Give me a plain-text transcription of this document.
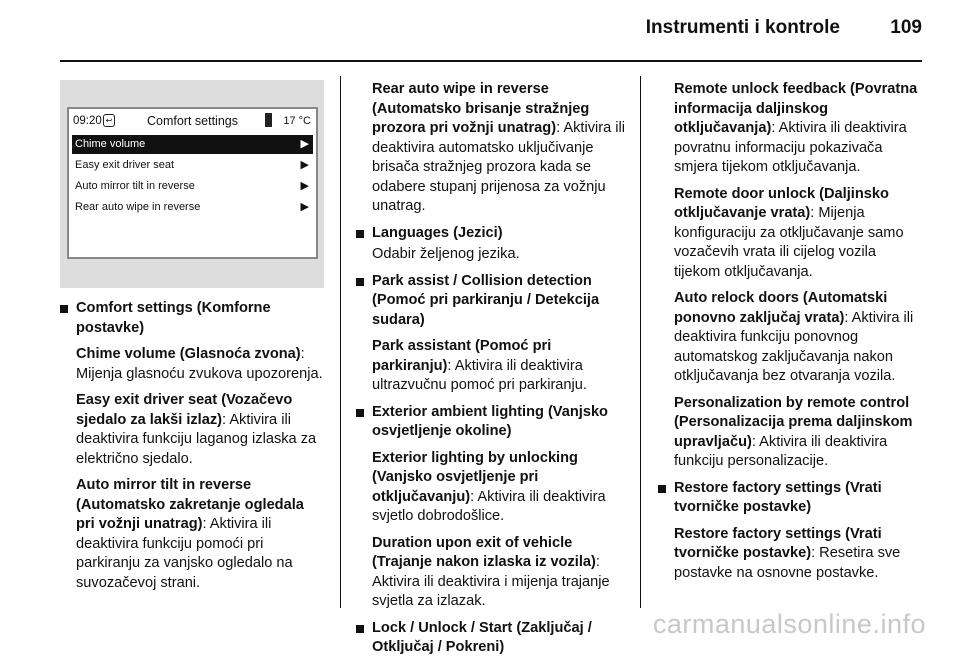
Instrumenti i kontrole	109
09:20 ↩	Comfort settings	17 °C
Chime volume	▶
Easy exit driver seat	▶
Auto mirror tilt in reverse	▶
Rear auto wipe in reverse	▶

Comfort settings (Komforne postavke)

Chime volume (Glasnoća zvona): Mijenja glasnoću zvukova upozorenja.

Easy exit driver seat (Vozačevo sjedalo za lakši izlaz): Aktivira ili deaktivira funkciju laganog izlaska za električno sjedalo.

Auto mirror tilt in reverse (Automatsko zakretanje ogledala pri vožnji unatrag): Aktivira ili deaktivira funkciju pomoći pri parkiranju za vanjsko ogledalo na suvozačevoj strani.

Rear auto wipe in reverse (Automatsko brisanje stražnjeg prozora pri vožnji unatrag): Aktivira ili deaktivira automatsko uključivanje brisača stražnjeg prozora kada se odabere stupanj prijenosa za vožnju unatrag.

Languages (Jezici)

Odabir željenog jezika.

Park assist / Collision detection (Pomoć pri parkiranju / Detekcija sudara)

Park assistant (Pomoć pri parkiranju): Aktivira ili deaktivira ultrazvučnu pomoć pri parkiranju.

Exterior ambient lighting (Vanjsko osvjetljenje okoline)

Exterior lighting by unlocking (Vanjsko osvjetljenje pri otključavanju): Aktivira ili deaktivira svjetlo dobrodošlice.

Duration upon exit of vehicle (Trajanje nakon izlaska iz vozila): Aktivira ili deaktivira i mijenja trajanje svjetla za izlazak.

Lock / Unlock / Start (Zaključaj / Otključaj / Pokreni)

Remote unlock feedback (Povratna informacija daljinskog otključavanja): Aktivira ili deaktivira povratnu informaciju pokazivača smjera tijekom otključavanja.

Remote door unlock (Daljinsko otključavanje vrata): Mijenja konfiguraciju za otključavanje samo vozačevih vrata ili cijelog vozila tijekom otključavanja.

Auto relock doors (Automatski ponovno zaključaj vrata): Aktivira ili deaktivira funkciju ponovnog automatskog zaključavanja nakon otključavanja bez otvaranja vozila.

Personalization by remote control (Personalizacija prema daljinskom upravljaču): Aktivira ili deaktivira funkciju personalizacije.

Restore factory settings (Vrati tvorničke postavke)

Restore factory settings (Vrati tvorničke postavke): Resetira sve postavke na osnovne postavke.

carmanualsonline.info
